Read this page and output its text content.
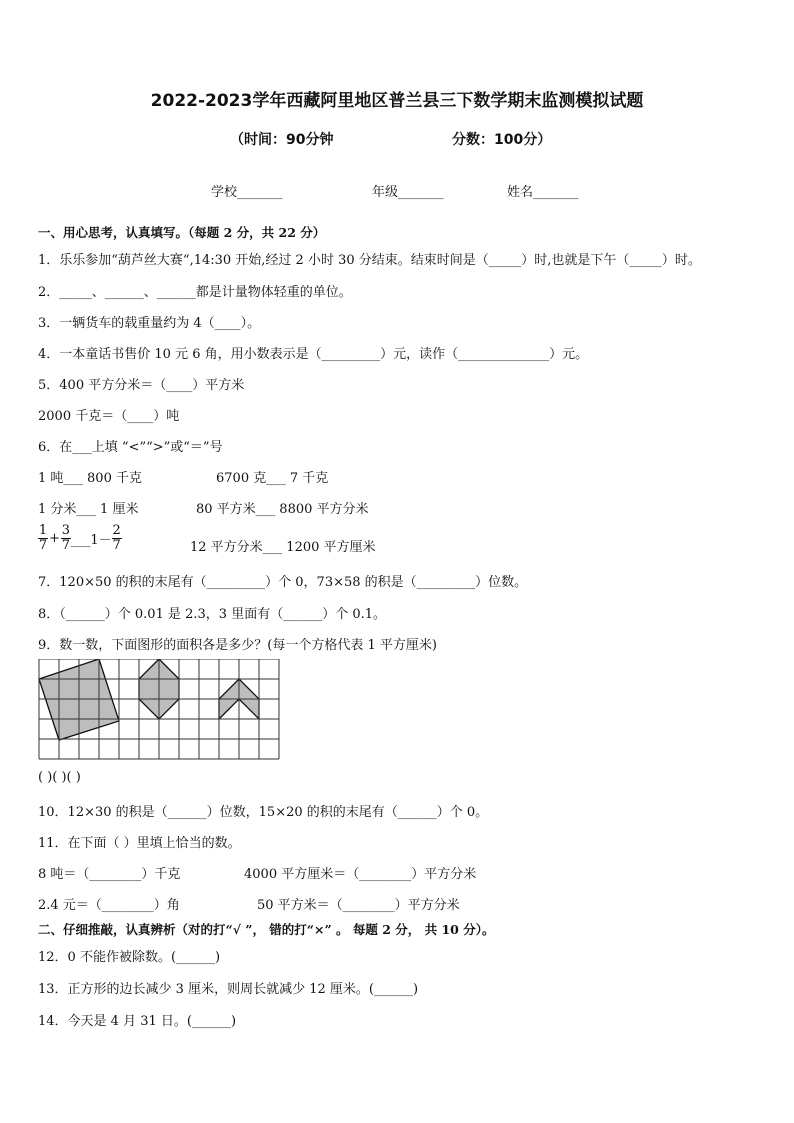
2022-2023学年西藏阿里地区普兰县三下数学期末监测模拟试题
（时间：90分钟	分数：100分）
学校_______	年级_______	姓名_______
一、用心思考，认真填写。（每题 2 分，共 22 分）
1．乐乐参加“葫芦丝大赛“,14:30 开始,经过 2 小时 30 分结束。结束时间是（_____）时,也就是下午（_____）时。
2．_____、______、______都是计量物体轻重的单位。
3．一辆货车的载重量约为 4（____）。
4．一本童话书售价 10 元 6 角，用小数表示是（_________）元，读作（______________）元。
5．400 平方分米＝（____）平方米
2000 千克＝（____）吨
6．在___上填 “<”“>”或“＝”号
1 吨___ 800 千克	6700 克___ 7 千克
1 分米___ 1 厘米	80 平方米___ 8800 平方分米
$\frac{1}{7} + \frac{3}{7}$ ___1－ $\frac{2}{7}$	12 平方分米___ 1200 平方厘米
7．120×50 的积的末尾有（_________）个 0，73×58 的积是（_________）位数。
8．（______）个 0.01 是 2.3，3 里面有（______）个 0.1。
9．数一数，下面图形的面积各是多少？(每一个方格代表 1 平方厘米)
( )( )( )
10．12×30 的积是（______）位数，15×20 的积的末尾有（______）个 0。
11．在下面（ ）里填上恰当的数。
8 吨＝（________）千克	4000 平方厘米＝（________）平方分米
2.4 元＝（________）角	50 平方米＝（________）平方分米
二、仔细推敲，认真辨析（对的打“√ ”， 错的打“×” 。 每题 2 分， 共 10 分）。
12．0 不能作被除数。(______)
13．正方形的边长减少 3 厘米，则周长就减少 12 厘米。(______)
14．今天是 4 月 31 日。(______)
